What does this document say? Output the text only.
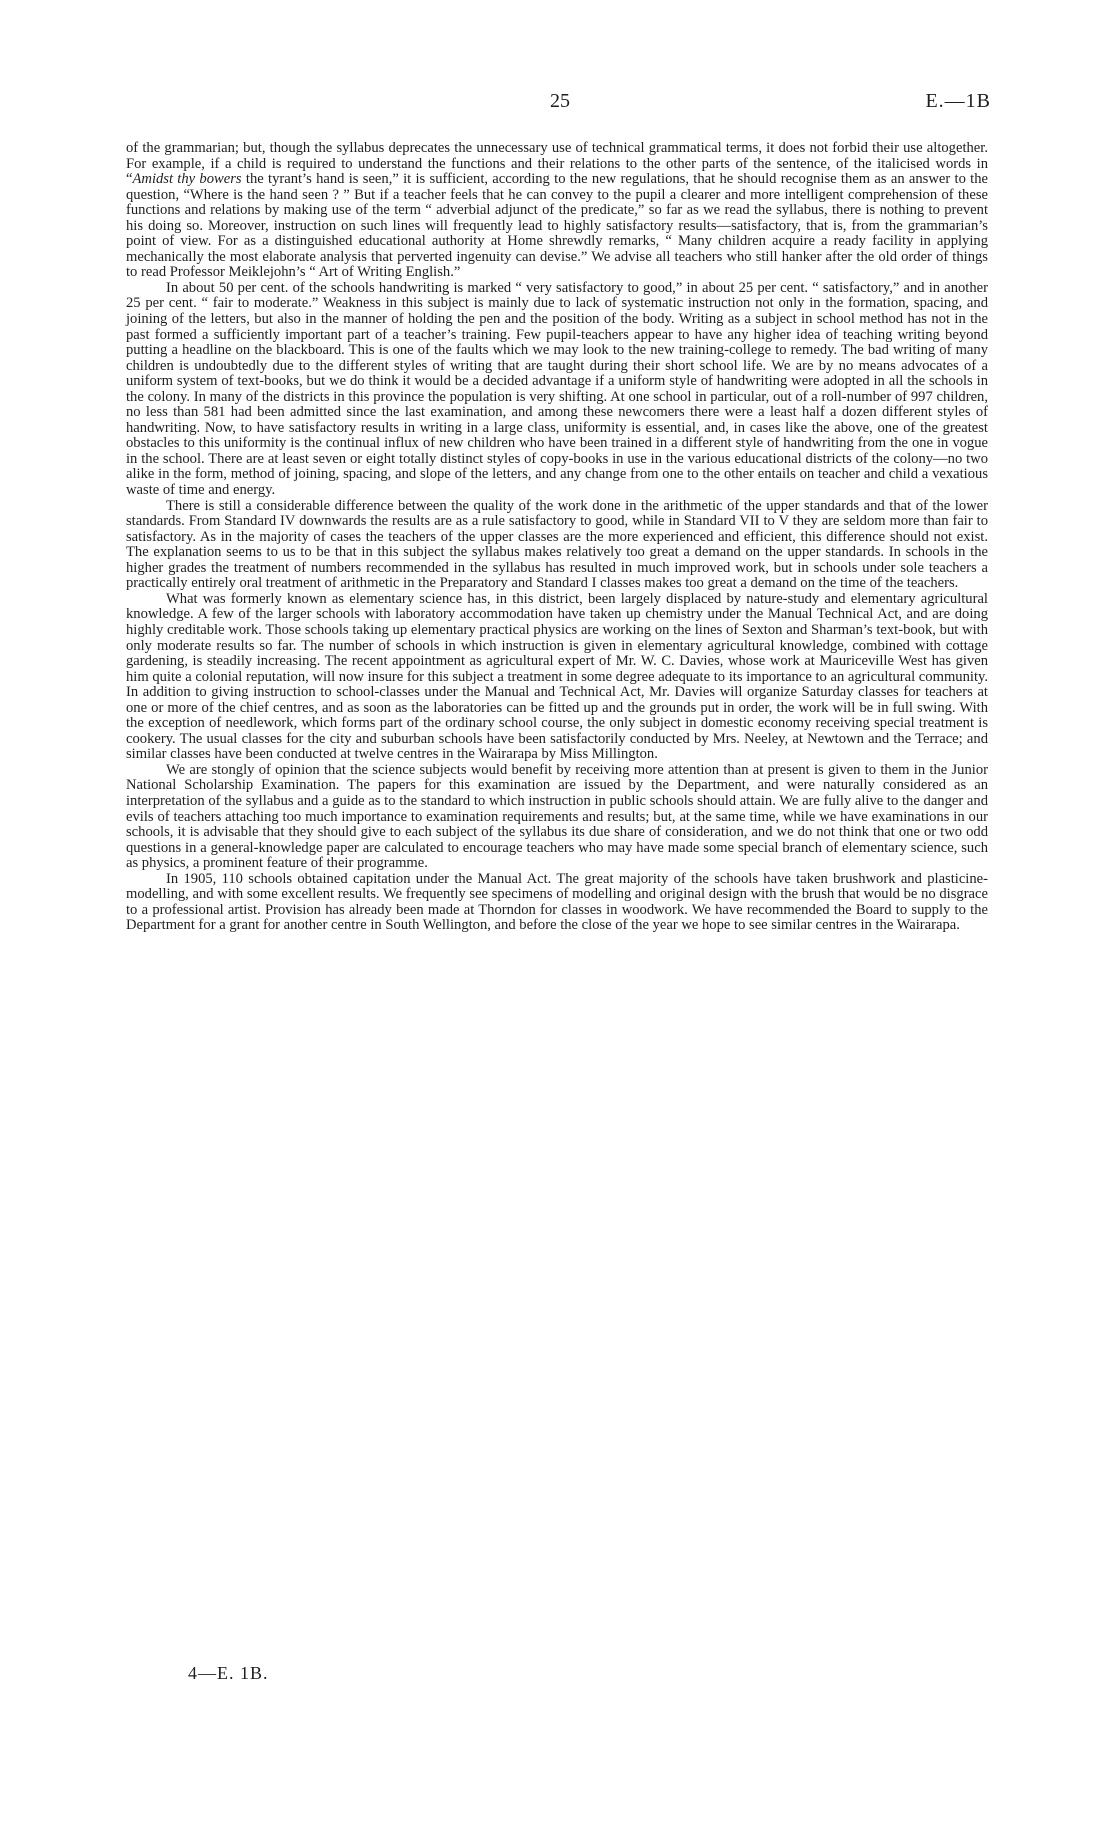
25	E.—1B

of the grammarian; but, though the syllabus deprecates the unnecessary use of technical grammatical terms, it does not forbid their use altogether. For example, if a child is required to understand the functions and their relations to the other parts of the sentence, of the italicised words in “Amidst thy bowers the tyrant’s hand is seen,” it is sufficient, according to the new regulations, that he should recognise them as an answer to the question, “Where is the hand seen ? ” But if a teacher feels that he can convey to the pupil a clearer and more intelligent comprehension of these functions and relations by making use of the term “ adverbial adjunct of the predicate,” so far as we read the syllabus, there is nothing to prevent his doing so. Moreover, instruction on such lines will frequently lead to highly satisfactory results—satisfactory, that is, from the grammarian’s point of view. For as a distinguished educational authority at Home shrewdly remarks, “ Many children acquire a ready facility in applying mechanically the most elaborate analysis that perverted ingenuity can devise.” We advise all teachers who still hanker after the old order of things to read Professor Meiklejohn’s “ Art of Writing English.”

In about 50 per cent. of the schools handwriting is marked “ very satisfactory to good,” in about 25 per cent. “ satisfactory,” and in another 25 per cent. “ fair to moderate.” Weakness in this subject is mainly due to lack of systematic instruction not only in the formation, spacing, and joining of the letters, but also in the manner of holding the pen and the position of the body. Writing as a subject in school method has not in the past formed a sufficiently important part of a teacher’s training. Few pupil-teachers appear to have any higher idea of teaching writing beyond putting a headline on the blackboard. This is one of the faults which we may look to the new training-college to remedy. The bad writing of many children is undoubtedly due to the different styles of writing that are taught during their short school life. We are by no means advocates of a uniform system of text-books, but we do think it would be a decided advantage if a uniform style of handwriting were adopted in all the schools in the colony. In many of the districts in this province the population is very shifting. At one school in particular, out of a roll-number of 997 children, no less than 581 had been admitted since the last examination, and among these newcomers there were a least half a dozen different styles of handwriting. Now, to have satisfactory results in writing in a large class, uniformity is essential, and, in cases like the above, one of the greatest obstacles to this uniformity is the continual influx of new children who have been trained in a different style of handwriting from the one in vogue in the school. There are at least seven or eight totally distinct styles of copy-books in use in the various educational districts of the colony—no two alike in the form, method of joining, spacing, and slope of the letters, and any change from one to the other entails on teacher and child a vexatious waste of time and energy.

There is still a considerable difference between the quality of the work done in the arithmetic of the upper standards and that of the lower standards. From Standard IV downwards the results are as a rule satisfactory to good, while in Standard VII to V they are seldom more than fair to satisfactory. As in the majority of cases the teachers of the upper classes are the more experienced and efficient, this difference should not exist. The explanation seems to us to be that in this subject the syllabus makes relatively too great a demand on the upper standards. In schools in the higher grades the treatment of numbers recommended in the syllabus has resulted in much improved work, but in schools under sole teachers a practically entirely oral treatment of arithmetic in the Preparatory and Standard I classes makes too great a demand on the time of the teachers.

What was formerly known as elementary science has, in this district, been largely displaced by nature-study and elementary agricultural knowledge. A few of the larger schools with laboratory accommodation have taken up chemistry under the Manual Technical Act, and are doing highly creditable work. Those schools taking up elementary practical physics are working on the lines of Sexton and Sharman’s text-book, but with only moderate results so far. The number of schools in which instruction is given in elementary agricultural knowledge, combined with cottage gardening, is steadily increasing. The recent appointment as agricultural expert of Mr. W. C. Davies, whose work at Mauriceville West has given him quite a colonial reputation, will now insure for this subject a treatment in some degree adequate to its importance to an agricultural community. In addition to giving instruction to school-classes under the Manual and Technical Act, Mr. Davies will organize Saturday classes for teachers at one or more of the chief centres, and as soon as the laboratories can be fitted up and the grounds put in order, the work will be in full swing. With the exception of needlework, which forms part of the ordinary school course, the only subject in domestic economy receiving special treatment is cookery. The usual classes for the city and suburban schools have been satisfactorily conducted by Mrs. Neeley, at Newtown and the Terrace; and similar classes have been conducted at twelve centres in the Wairarapa by Miss Millington.

We are stongly of opinion that the science subjects would benefit by receiving more attention than at present is given to them in the Junior National Scholarship Examination. The papers for this examination are issued by the Department, and were naturally considered as an interpretation of the syllabus and a guide as to the standard to which instruction in public schools should attain. We are fully alive to the danger and evils of teachers attaching too much importance to examination requirements and results; but, at the same time, while we have examinations in our schools, it is advisable that they should give to each subject of the syllabus its due share of consideration, and we do not think that one or two odd questions in a general-knowledge paper are calculated to encourage teachers who may have made some special branch of elementary science, such as physics, a prominent feature of their programme.

In 1905, 110 schools obtained capitation under the Manual Act. The great majority of the schools have taken brushwork and plasticine-modelling, and with some excellent results. We frequently see specimens of modelling and original design with the brush that would be no disgrace to a professional artist. Provision has already been made at Thorndon for classes in woodwork. We have recommended the Board to supply to the Department for a grant for another centre in South Wellington, and before the close of the year we hope to see similar centres in the Wairarapa.

4—E. 1B.
